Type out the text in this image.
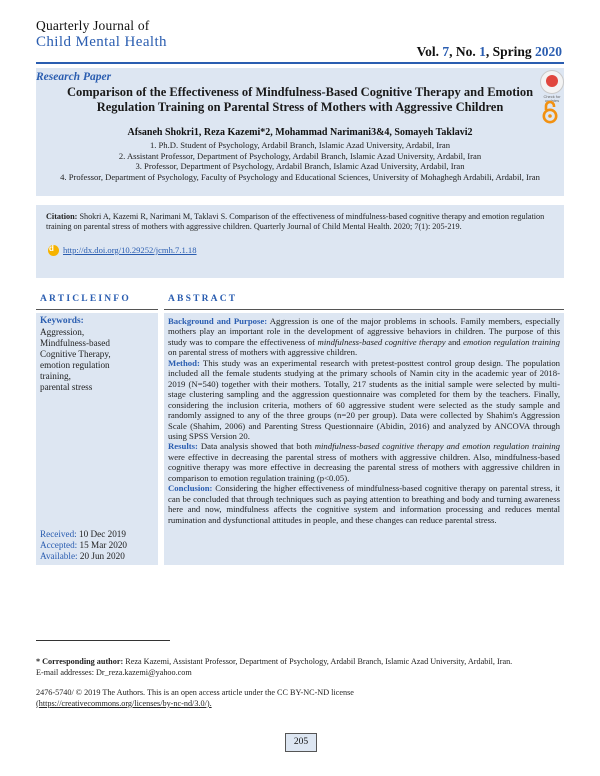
Quarterly Journal of
Child Mental Health
Vol. 7, No. 1, Spring 2020
Research Paper
Comparison of the Effectiveness of Mindfulness-Based Cognitive Therapy and Emotion Regulation Training on Parental Stress of Mothers with Aggressive Children
Afsaneh Shokri1, Reza Kazemi*2, Mohammad Narimani3&4, Somayeh Taklavi2
1. Ph.D. Student of Psychology, Ardabil Branch, Islamic Azad University, Ardabil, Iran
2. Assistant Professor, Department of Psychology, Ardabil Branch, Islamic Azad University, Ardabil, Iran
3. Professor, Department of Psychology, Ardabil Branch, Islamic Azad University, Ardabil, Iran
4. Professor, Department of Psychology, Faculty of Psychology and Educational Sciences, University of Mohaghegh Ardabili, Ardabil, Iran
Check for updates
Citation: Shokri A, Kazemi R, Narimani M, Taklavi S. Comparison of the effectiveness of mindfulness-based cognitive therapy and emotion regulation training on parental stress of mothers with aggressive children. Quarterly Journal of Child Mental Health. 2020; 7(1): 205-219.
d http://dx.doi.org/10.29252/jcmh.7.1.18
ARTICLEINFO	ABSTRACT
Keywords:
Aggression,
Mindfulness-based
Cognitive Therapy,
emotion regulation
training,
parental stress
Received: 10 Dec 2019
Accepted: 15 Mar 2020
Available: 20 Jun 2020

Background and Purpose: Aggression is one of the major problems in schools. Family members, especially mothers play an important role in the development of aggressive behaviors in children. The purpose of this study was to compare the effectiveness of mindfulness-based cognitive therapy and emotion regulation training on parental stress of mothers with aggressive children.

Method: This study was an experimental research with pretest-posttest control group design. The population included all the female students studying at the primary schools of Namin city in the academic year of 2018-2019 (N=540) together with their mothers. Totally, 217 students as the initial sample were selected by multi-stage clustering sampling and the aggression questionnaire was completed for them by the teachers. Finally, considering the inclusion criteria, mothers of 60 aggressive student were selected as the study sample and randomly assigned to any of the three groups (n=20 per group). Data were collected by Shahim's Aggression Scale (Shahim, 2006) and Parenting Stress Questionnaire (Abidin, 2016) and analyzed by ANCOVA through using SPSS Version 20.

Results: Data analysis showed that both mindfulness-based cognitive therapy and emotion regulation training were effective in decreasing the parental stress of mothers with aggressive children. Also, mindfulness-based cognitive therapy was more effective in decreasing the parental stress of mothers with aggressive children in comparison to emotion regulation training (p<0.05).

Conclusion: Considering the higher effectiveness of mindfulness-based cognitive therapy on parental stress, it can be concluded that through techniques such as paying attention to breathing and body and turning awareness here and now, mindfulness affects the cognitive system and information processing and reduces mental rumination and dysfunctional attitudes in people, and these changes can reduce parental stress.

* Corresponding author: Reza Kazemi, Assistant Professor, Department of Psychology, Ardabil Branch, Islamic Azad University, Ardabil, Iran.
E-mail addresses: Dr_reza.kazemi@yahoo.com
2476-5740/ © 2019 The Authors. This is an open access article under the CC BY-NC-ND license
(https://creativecommons.org/licenses/by-nc-nd/3.0/).
205
